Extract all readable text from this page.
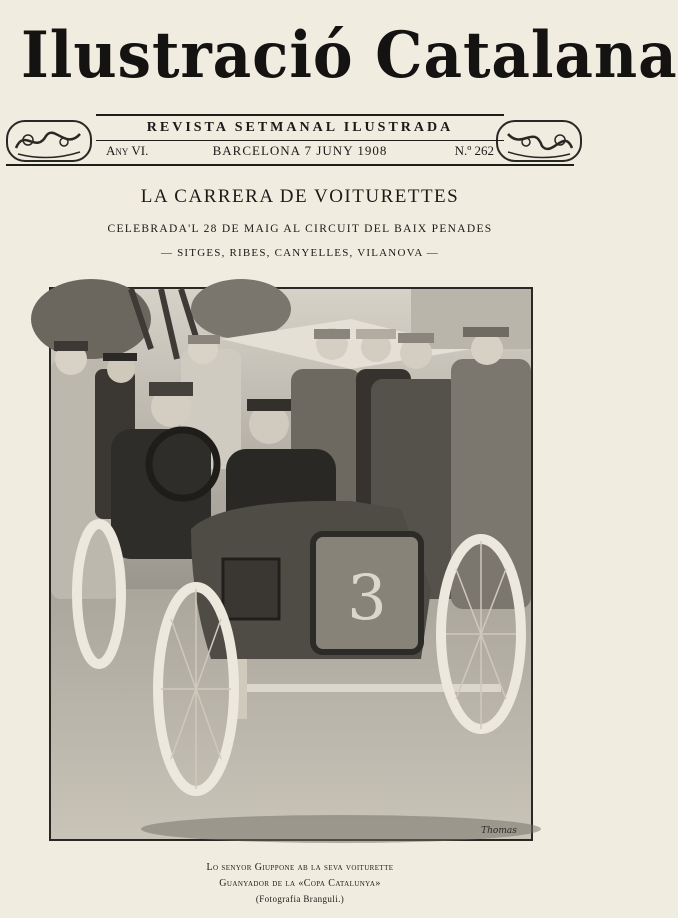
Ilustració Catalana
REVISTA SETMANAL ILUSTRADA
Any VI.	BARCELONA 7 JUNY 1908	N.º 262
LA CARRERA DE VOITURETTES
CELEBRADA'L 28 DE MAIG AL CIRCUIT DEL BAIX PENADES
— SITGES, RIBES, CANYELLES, VILANOVA —
3
Thomas
Lo senyor Giuppone ab la seva voiturette
Guanyador de la «Copa Catalunya»
(Fotografia Branguli.)
